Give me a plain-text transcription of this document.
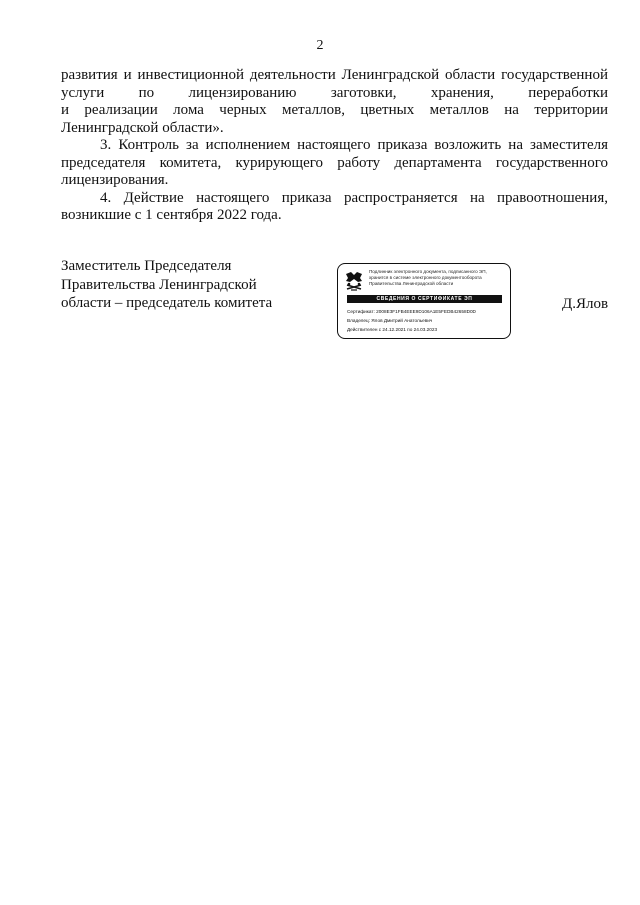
2

развития и инвестиционной деятельности Ленинградской области государственной
услуги по лицензированию заготовки, хранения, переработки
и реализации лома черных металлов, цветных металлов на территории
Ленинградской области».

3. Контроль за исполнением настоящего приказа возложить на заместителя председателя комитета, курирующего работу департамента государственного лицензирования.

4. Действие настоящего приказа распространяется на правоотношения, возникшие с 1 сентября 2022 года.

Заместитель Председателя
Правительства Ленинградской
области – председатель комитета
Подлинник электронного документа, подписанного ЭП, хранится в системе электронного документооборота Правительства Ленинградской области
СВЕДЕНИЯ О СЕРТИФИКАТЕ ЭП
Сертификат: 2008E3F1FB4EEE9D106A1E5FEDB42658D0D
Владелец: Ялов Дмитрий Анатольевич
Действителен с 24.12.2021 по 24.03.2023
Д.Ялов
